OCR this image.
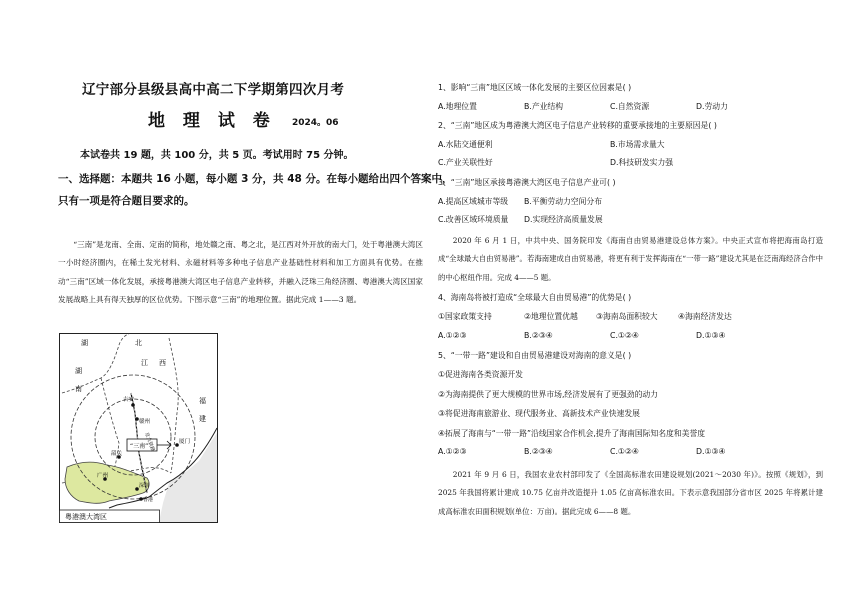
辽宁部分县级县高中高二下学期第四次月考
地 理 试 卷 2024。06
本试卷共 19 题，共 100 分，共 5 页。考试用时 75 分钟。
一、选择题：本题共 16 小题，每小题 3 分，共 48 分。在每小题给出四个答案中，
只有一项是符合题目要求的。
“三南”是龙南、全南、定南的简称，地处赣之南、粤之北，是江西对外开放的南大门，处于粤港澳大湾区一小时经济圈内，在稀土发光材料、永磁材料等多种电子信息产业基础性材料和加工方面具有优势。在推动“三南”区域一体化发展，承接粤港澳大湾区电子信息产业转移，并融入泛珠三角经济圈、粤港澳大湾区国家发展战略上具有得天独厚的区位优势。下图示意“三南”的地理位置。据此完成 1——3 题。
湖	北
湖
南
江 西
福
建
吉安
赣州
“三南”
厦门
韶关
广州
深圳
香港
京九铁路
粤港澳大湾区
1、影响“三南”地区区域一体化发展的主要区位因素是( )
A.地理位置	B.产业结构	C.自然资源	D.劳动力
2、“三南”地区成为粤港澳大湾区电子信息产业转移的重要承接地的主要原因是( )
A.水陆交通便利	B.市场需求量大
C.产业关联性好	D.科技研发实力强
3、“三南”地区承接粤港澳大湾区电子信息产业可( )
A.提高区域城市等级 B.平衡劳动力空间分布
C.改善区域环境质量 D.实现经济高质量发展
2020 年 6 月 1 日，中共中央、国务院印发《海南自由贸易港建设总体方案》。中央正式宣布将把海南岛打造成“全球最大自由贸易港”。若海南建成自由贸易港，将更有利于发挥海南在“一带一路”建设尤其是在泛南海经济合作中的中心枢纽作用。完成 4——5 题。
4、海南岛将被打造成“全球最大自由贸易港”的优势是( )
①国家政策支持	②地理位置优越 ③海南岛面积较大	④海南经济发达
A.①②③	B.②③④	C.①②④	D.①③④
5、“一带一路”建设和自由贸易港建设对海南的意义是( )
①促进海南各类资源开发
②为海南提供了更大规模的世界市场,经济发展有了更强劲的动力
③将促进海南旅游业、现代服务业、高新技术产业快速发展
④拓展了海南与“一带一路”沿线国家合作机会,提升了海南国际知名度和美誉度
A.①②③	B.②③④	C.①②④	D.①③④
2021 年 9 月 6 日，我国农业农村部印发了《全国高标准农田建设规划(2021～2030 年)》。按照《规划》，到 2025 年我国将累计建成 10.75 亿亩并改造提升 1.05 亿亩高标准农田。下表示意我国部分省市区 2025 年将累计建成高标准农田面积规划(单位：万亩)。据此完成 6——8 题。
